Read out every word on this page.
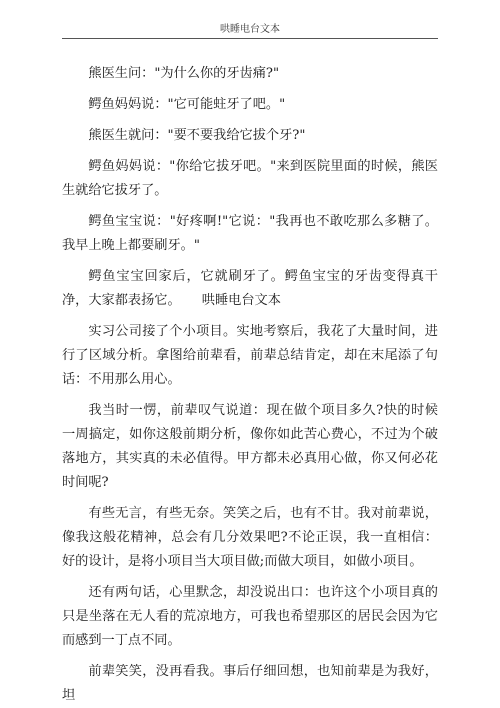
哄睡电台文本

熊医生问："为什么你的牙齿痛?"

鳄鱼妈妈说："它可能蛀牙了吧。"

熊医生就问："要不要我给它拔个牙?"

鳄鱼妈妈说："你给它拔牙吧。"来到医院里面的时候，熊医生就给它拔牙了。

鳄鱼宝宝说："好疼啊!"它说："我再也不敢吃那么多糖了。我早上晚上都要刷牙。"

鳄鱼宝宝回家后，它就刷牙了。鳄鱼宝宝的牙齿变得真干净，大家都表扬它。 哄睡电台文本

实习公司接了个小项目。实地考察后，我花了大量时间，进行了区域分析。拿图给前辈看，前辈总结肯定，却在末尾添了句话：不用那么用心。

我当时一愣，前辈叹气说道：现在做个项目多久?快的时候一周搞定，如你这般前期分析，像你如此苦心费心，不过为个破落地方，其实真的未必值得。甲方都未必真用心做，你又何必花时间呢?

有些无言，有些无奈。笑笑之后，也有不甘。我对前辈说，像我这般花精神，总会有几分效果吧?不论正误，我一直相信：好的设计，是将小项目当大项目做;而做大项目，如做小项目。

还有两句话，心里默念，却没说出口：也许这个小项目真的只是坐落在无人看的荒凉地方，可我也希望那区的居民会因为它而感到一丁点不同。

前辈笑笑，没再看我。事后仔细回想，也知前辈是为我好，坦
